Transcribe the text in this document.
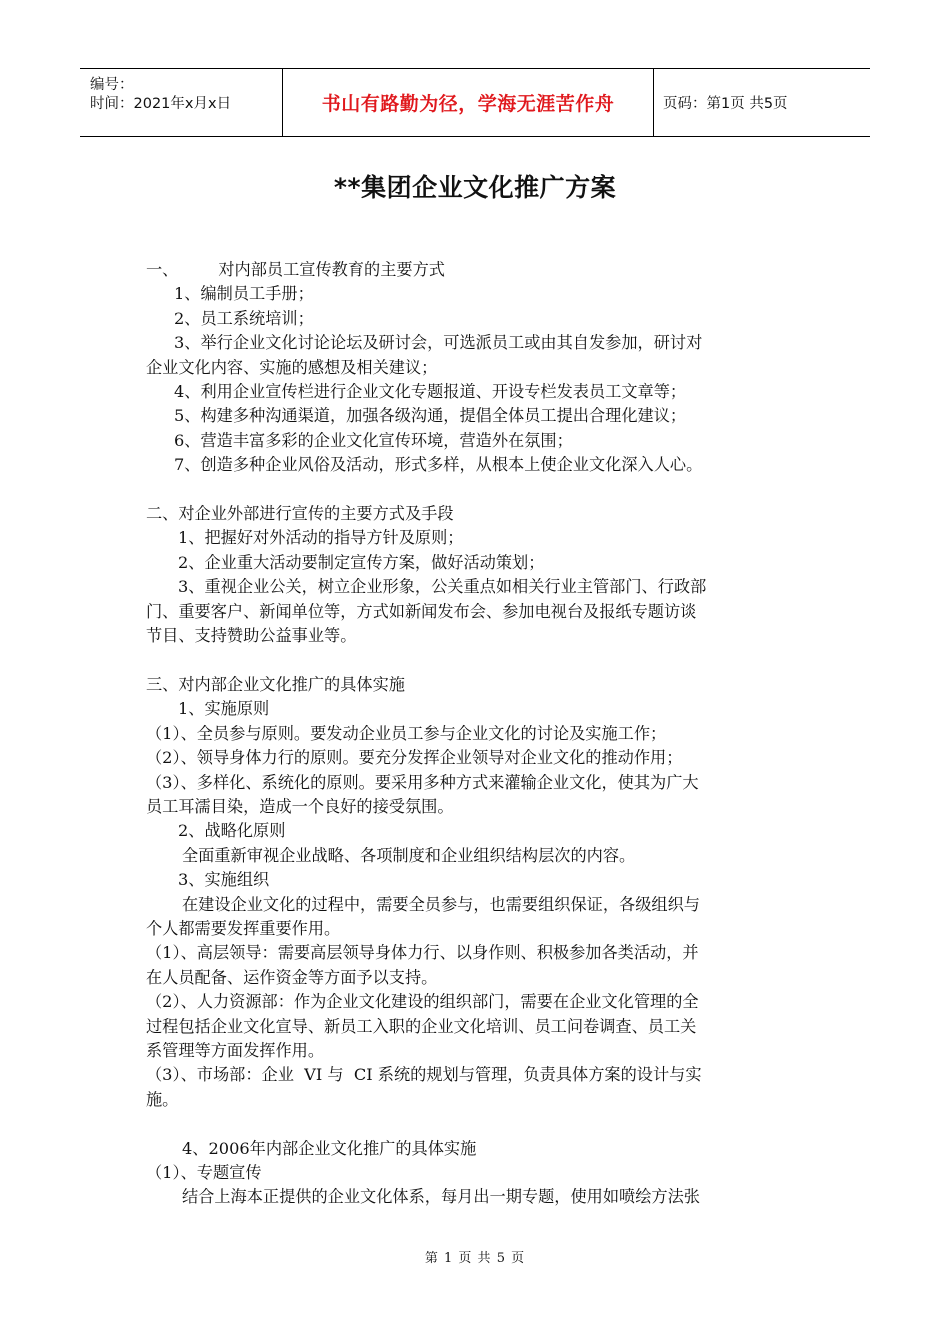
编号：
时间：2021年x月x日	书山有路勤为径，学海无涯苦作舟	页码：第1页 共5页
**集团企业文化推广方案
一、 对内部员工宣传教育的主要方式
1、编制员工手册；
2、员工系统培训；
3、举行企业文化讨论论坛及研讨会，可选派员工或由其自发参加，研讨对
企业文化内容、实施的感想及相关建议；
4、利用企业宣传栏进行企业文化专题报道、开设专栏发表员工文章等；
5、构建多种沟通渠道，加强各级沟通，提倡全体员工提出合理化建议；
6、营造丰富多彩的企业文化宣传环境，营造外在氛围；
7、创造多种企业风俗及活动，形式多样，从根本上使企业文化深入人心。
二、对企业外部进行宣传的主要方式及手段
1、把握好对外活动的指导方针及原则；
2、企业重大活动要制定宣传方案，做好活动策划；
3、重视企业公关，树立企业形象，公关重点如相关行业主管部门、行政部
门、重要客户、新闻单位等，方式如新闻发布会、参加电视台及报纸专题访谈
节目、支持赞助公益事业等。
三、对内部企业文化推广的具体实施
1、实施原则
（1）、全员参与原则。要发动企业员工参与企业文化的讨论及实施工作；
（2）、领导身体力行的原则。要充分发挥企业领导对企业文化的推动作用；
（3）、多样化、系统化的原则。要采用多种方式来灌输企业文化，使其为广大
员工耳濡目染，造成一个良好的接受氛围。
2、战略化原则
全面重新审视企业战略、各项制度和企业组织结构层次的内容。
3、实施组织
在建设企业文化的过程中，需要全员参与，也需要组织保证，各级组织与
个人都需要发挥重要作用。
（1）、高层领导：需要高层领导身体力行、以身作则、积极参加各类活动，并
在人员配备、运作资金等方面予以支持。
（2）、人力资源部：作为企业文化建设的组织部门，需要在企业文化管理的全
过程包括企业文化宣导、新员工入职的企业文化培训、员工问卷调查、员工关
系管理等方面发挥作用。
（3）、市场部：企业  VI 与  CI 系统的规划与管理，负责具体方案的设计与实
施。
4、2006年内部企业文化推广的具体实施
（1）、专题宣传
结合上海本正提供的企业文化体系，每月出一期专题，使用如喷绘方法张
第 1 页 共 5 页
